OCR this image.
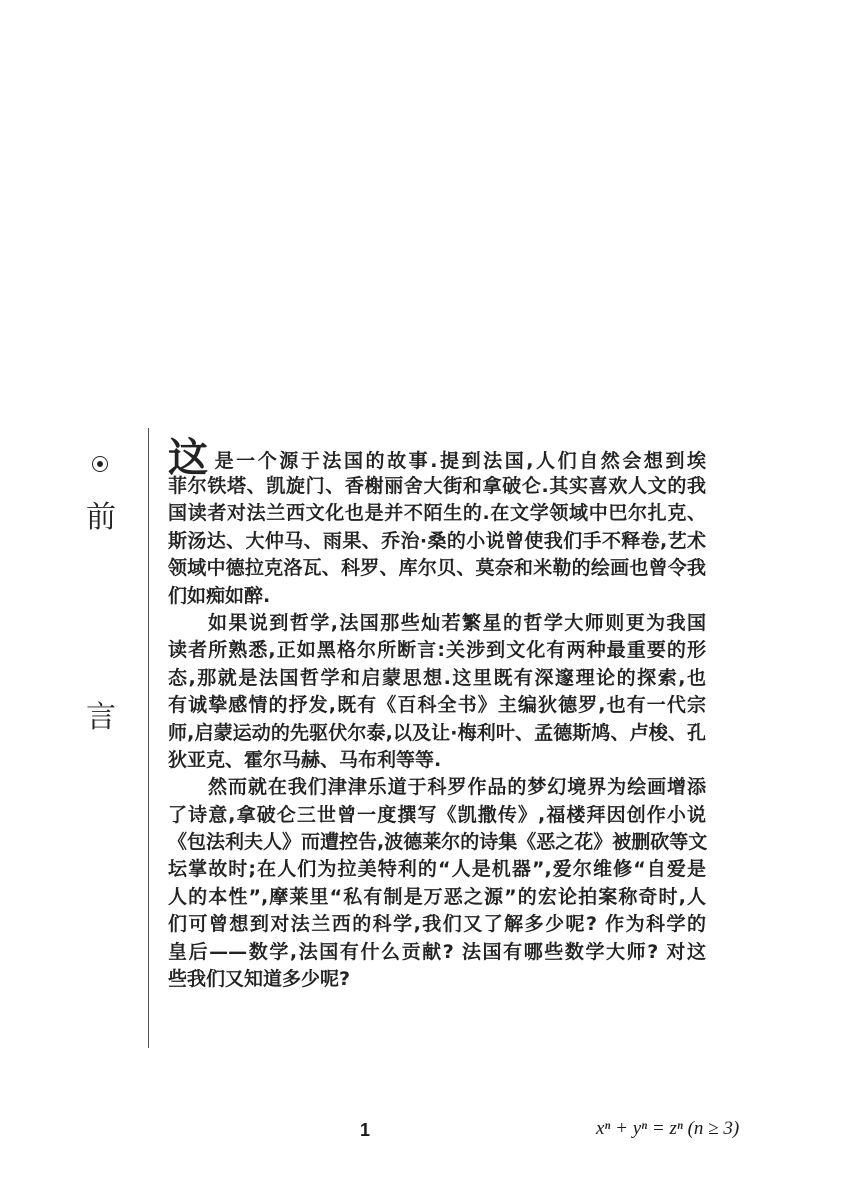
前
言
这是一个源于法国的故事.提到法国,人们自然会想到埃
菲尔铁塔、凯旋门、香榭丽舍大街和拿破仑.其实喜欢人文的我
国读者对法兰西文化也是并不陌生的.在文学领域中巴尔扎克、
斯汤达、大仲马、雨果、乔治·桑的小说曾使我们手不释卷,艺术
领域中德拉克洛瓦、科罗、库尔贝、莫奈和米勒的绘画也曾令我
们如痴如醉.
如果说到哲学,法国那些灿若繁星的哲学大师则更为我国
读者所熟悉,正如黑格尔所断言:关涉到文化有两种最重要的形
态,那就是法国哲学和启蒙思想.这里既有深邃理论的探索,也
有诚挚感情的抒发,既有《百科全书》主编狄德罗,也有一代宗
师,启蒙运动的先驱伏尔泰,以及让·梅利叶、孟德斯鸠、卢梭、孔
狄亚克、霍尔马赫、马布利等等.
然而就在我们津津乐道于科罗作品的梦幻境界为绘画增添
了诗意,拿破仑三世曾一度撰写《凯撒传》,福楼拜因创作小说
《包法利夫人》而遭控告,波德莱尔的诗集《恶之花》被删砍等文
坛掌故时;在人们为拉美特利的“人是机器”,爱尔维修“自爱是
人的本性”,摩莱里“私有制是万恶之源”的宏论拍案称奇时,人
们可曾想到对法兰西的科学,我们又了解多少呢? 作为科学的
皇后——数学,法国有什么贡献? 法国有哪些数学大师? 对这
些我们又知道多少呢?
1	xⁿ + yⁿ = zⁿ (n ≥ 3)
